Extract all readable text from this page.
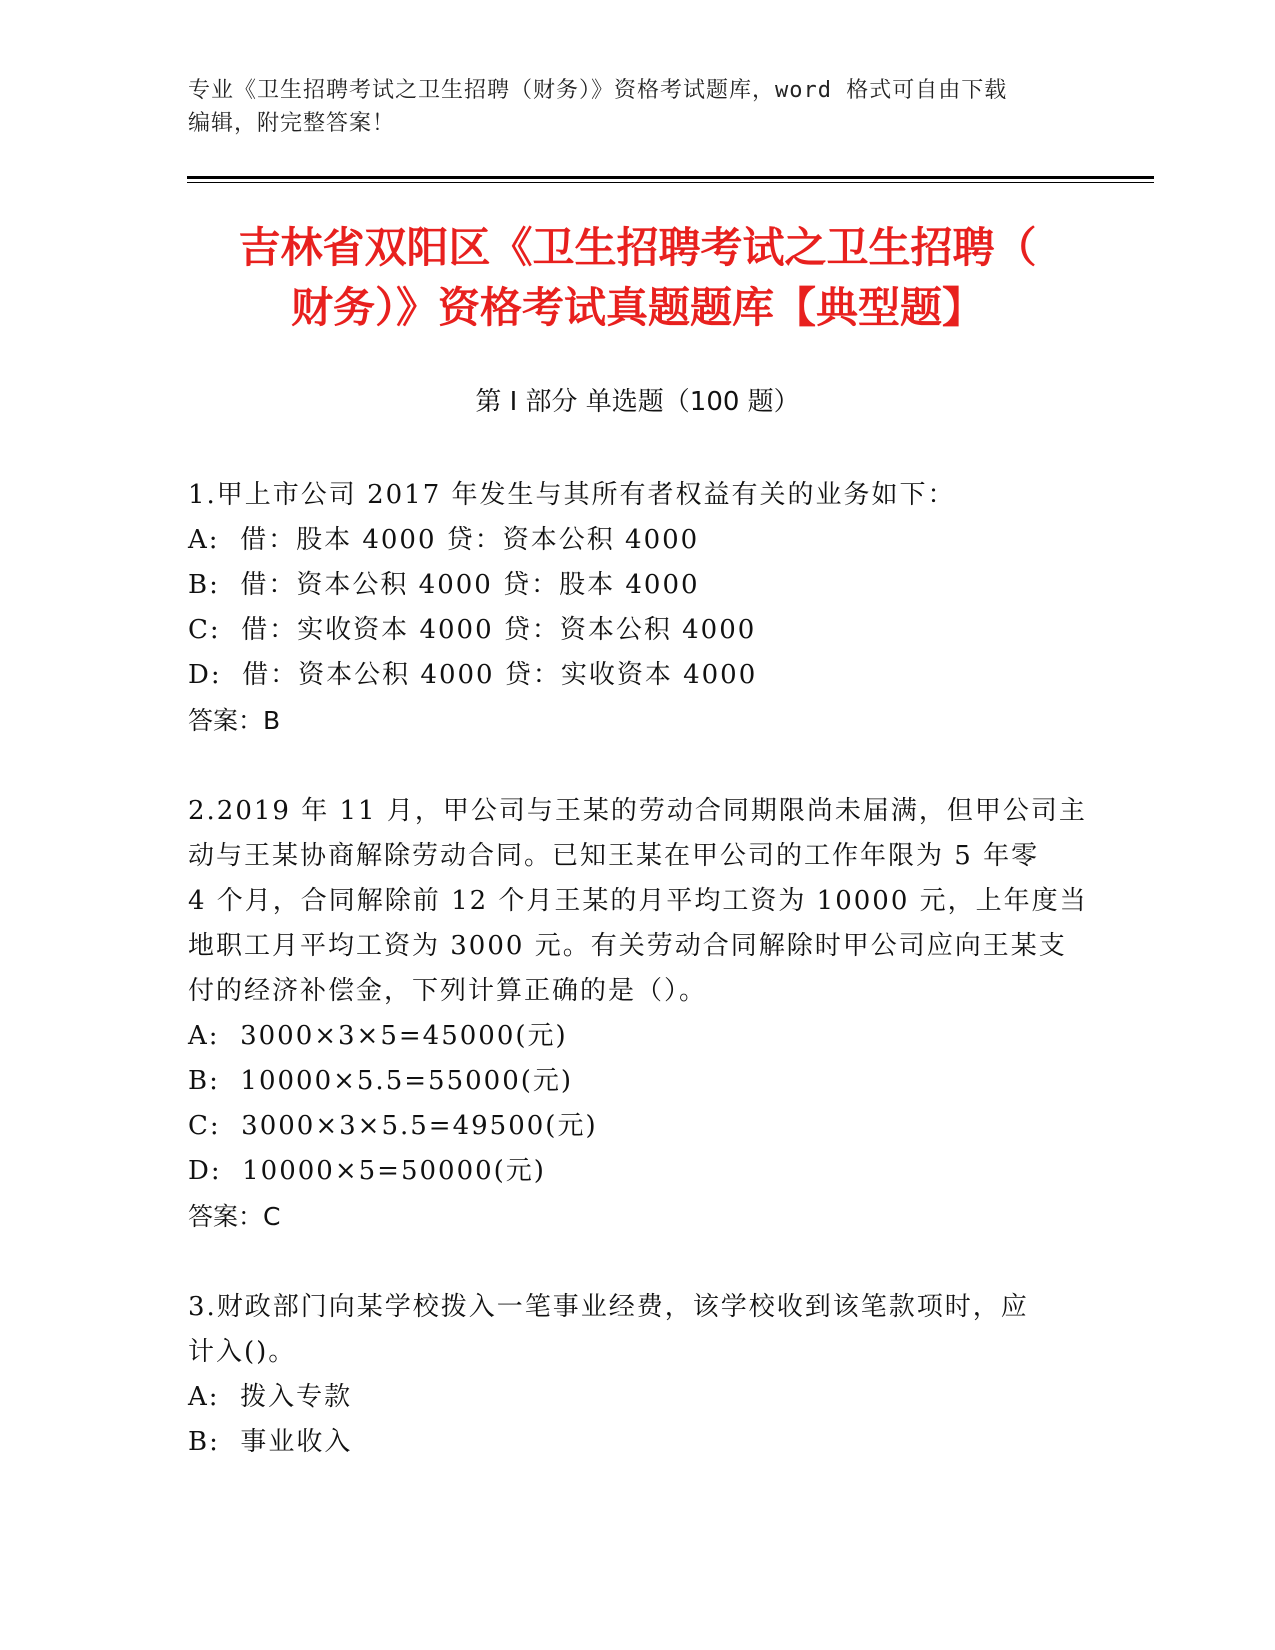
专业《卫生招聘考试之卫生招聘（财务）》资格考试题库，word 格式可自由下载
编辑，附完整答案！
吉林省双阳区《卫生招聘考试之卫生招聘（
财务）》资格考试真题题库【典型题】
第 I 部分 单选题（100 题）
1.甲上市公司 2017 年发生与其所有者权益有关的业务如下：
A:  借：股本 4000 贷：资本公积 4000
B:  借：资本公积 4000 贷：股本 4000
C:  借：实收资本 4000 贷：资本公积 4000
D:  借：资本公积 4000 贷：实收资本 4000
答案：B
2.2019 年 11 月，甲公司与王某的劳动合同期限尚未届满，但甲公司主
动与王某协商解除劳动合同。已知王某在甲公司的工作年限为 5 年零
4 个月，合同解除前 12 个月王某的月平均工资为 10000 元，上年度当
地职工月平均工资为 3000 元。有关劳动合同解除时甲公司应向王某支
付的经济补偿金，下列计算正确的是（）。
A:  3000×3×5=45000(元)
B:  10000×5.5=55000(元)
C:  3000×3×5.5=49500(元)
D:  10000×5=50000(元)
答案：C
3.财政部门向某学校拨入一笔事业经费，该学校收到该笔款项时，应
计入()。
A:  拨入专款
B:  事业收入
